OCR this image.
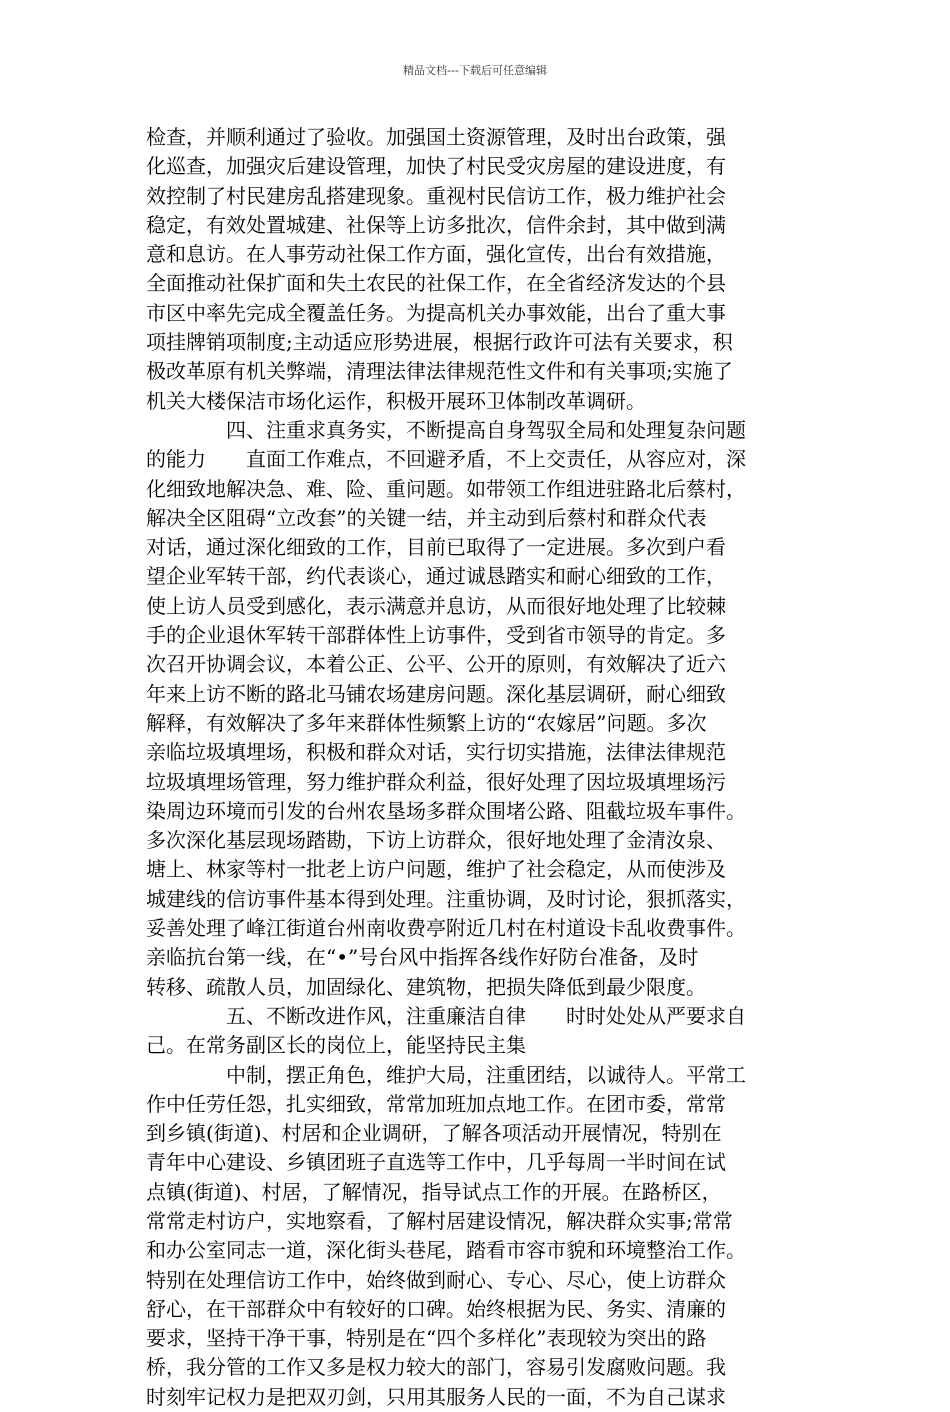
精品文档---下载后可任意编辑
检查，并顺利通过了验收。加强国土资源管理，及时出台政策，强
化巡查，加强灾后建设管理，加快了村民受灾房屋的建设进度，有
效控制了村民建房乱搭建现象。重视村民信访工作，极力维护社会
稳定，有效处置城建、社保等上访多批次，信件余封，其中做到满
意和息访。在人事劳动社保工作方面，强化宣传，出台有效措施，
全面推动社保扩面和失土农民的社保工作，在全省经济发达的个县
市区中率先完成全覆盖任务。为提高机关办事效能，出台了重大事
项挂牌销项制度;主动适应形势进展，根据行政许可法有关要求，积
极改革原有机关弊端，清理法律法律规范性文件和有关事项;实施了
机关大楼保洁市场化运作，积极开展环卫体制改革调研。
　　　　四、注重求真务实，不断提高自身驾驭全局和处理复杂问题
的能力　　直面工作难点，不回避矛盾，不上交责任，从容应对，深
化细致地解决急、难、险、重问题。如带领工作组进驻路北后蔡村，
解决全区阻碍“立改套”的关键一结，并主动到后蔡村和群众代表
对话，通过深化细致的工作，目前已取得了一定进展。多次到户看
望企业军转干部，约代表谈心，通过诚恳踏实和耐心细致的工作，
使上访人员受到感化，表示满意并息访，从而很好地处理了比较棘
手的企业退休军转干部群体性上访事件，受到省市领导的肯定。多
次召开协调会议，本着公正、公平、公开的原则，有效解决了近六
年来上访不断的路北马铺农场建房问题。深化基层调研，耐心细致
解释，有效解决了多年来群体性频繁上访的“农嫁居”问题。多次
亲临垃圾填埋场，积极和群众对话，实行切实措施，法律法律规范
垃圾填埋场管理，努力维护群众利益，很好处理了因垃圾填埋场污
染周边环境而引发的台州农垦场多群众围堵公路、阻截垃圾车事件。
多次深化基层现场踏勘，下访上访群众，很好地处理了金清汝泉、
塘上、林家等村一批老上访户问题，维护了社会稳定，从而使涉及
城建线的信访事件基本得到处理。注重协调，及时讨论，狠抓落实，
妥善处理了峰江街道台州南收费亭附近几村在村道设卡乱收费事件。
亲临抗台第一线，在“•”号台风中指挥各线作好防台准备，及时
转移、疏散人员，加固绿化、建筑物，把损失降低到最少限度。
　　　　五、不断改进作风，注重廉洁自律　　时时处处从严要求自
己。在常务副区长的岗位上，能坚持民主集
　　　　中制，摆正角色，维护大局，注重团结，以诚待人。平常工
作中任劳任怨，扎实细致，常常加班加点地工作。在团市委，常常
到乡镇(街道)、村居和企业调研，了解各项活动开展情况，特别在
青年中心建设、乡镇团班子直选等工作中，几乎每周一半时间在试
点镇(街道)、村居，了解情况，指导试点工作的开展。在路桥区，
常常走村访户，实地察看，了解村居建设情况，解决群众实事;常常
和办公室同志一道，深化街头巷尾，踏看市容市貌和环境整治工作。
特别在处理信访工作中，始终做到耐心、专心、尽心，使上访群众
舒心，在干部群众中有较好的口碑。始终根据为民、务实、清廉的
要求，坚持干净干事，特别是在“四个多样化”表现较为突出的路
桥，我分管的工作又多是权力较大的部门，容易引发腐败问题。我
时刻牢记权力是把双刃剑，只用其服务人民的一面，不为自己谋求
